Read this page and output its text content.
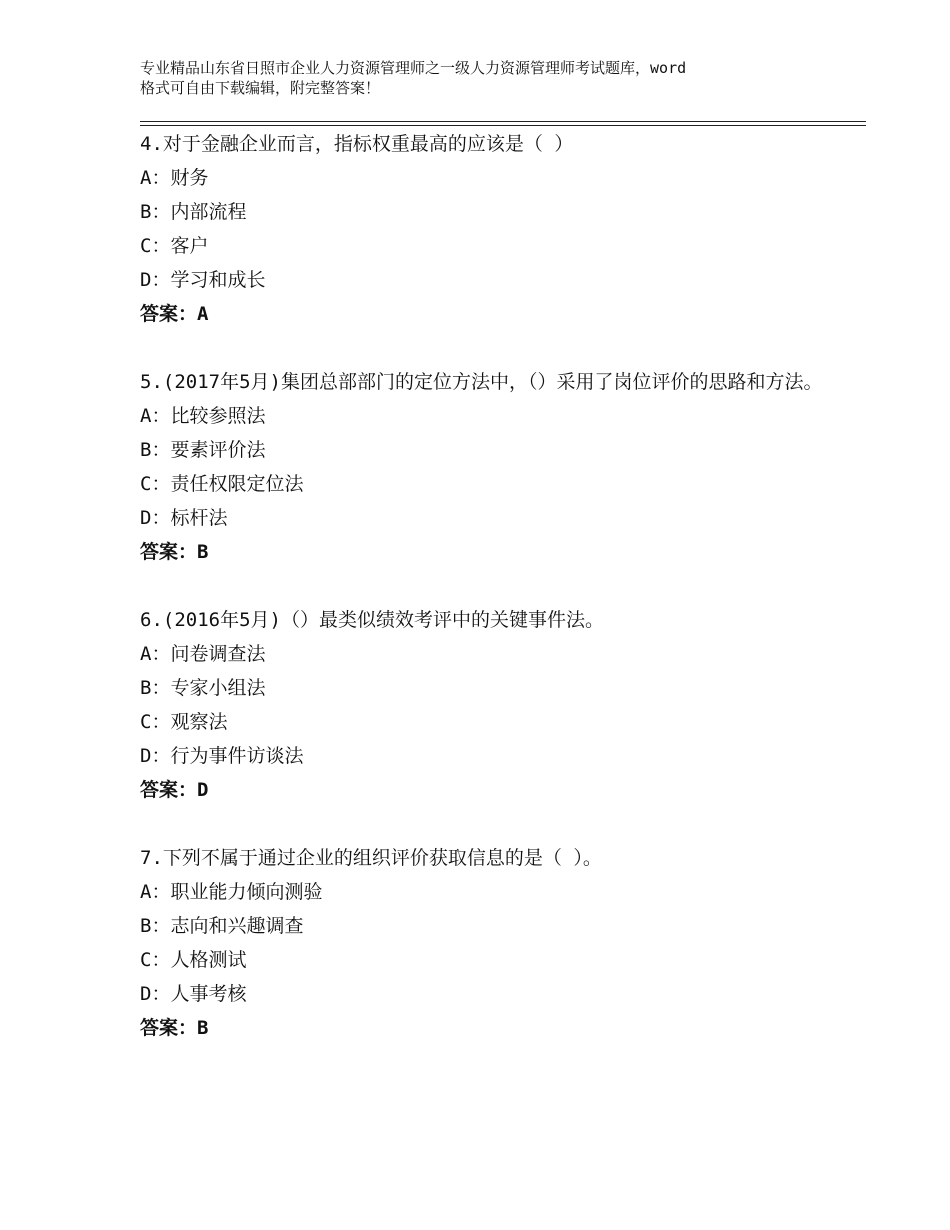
专业精品山东省日照市企业人力资源管理师之一级人力资源管理师考试题库，word
格式可自由下载编辑，附完整答案！
4.对于金融企业而言，指标权重最高的应该是（ ）
A：财务
B：内部流程
C：客户
D：学习和成长
答案：A
5.(2017年5月)集团总部部门的定位方法中，（）采用了岗位评价的思路和方法。
A：比较参照法
B：要素评价法
C：责任权限定位法
D：标杆法
答案：B
6.(2016年5月)（）最类似绩效考评中的关键事件法。
A：问卷调查法
B：专家小组法
C：观察法
D：行为事件访谈法
答案：D
7.下列不属于通过企业的组织评价获取信息的是（ ）。
A：职业能力倾向测验
B：志向和兴趣调查
C：人格测试
D：人事考核
答案：B
